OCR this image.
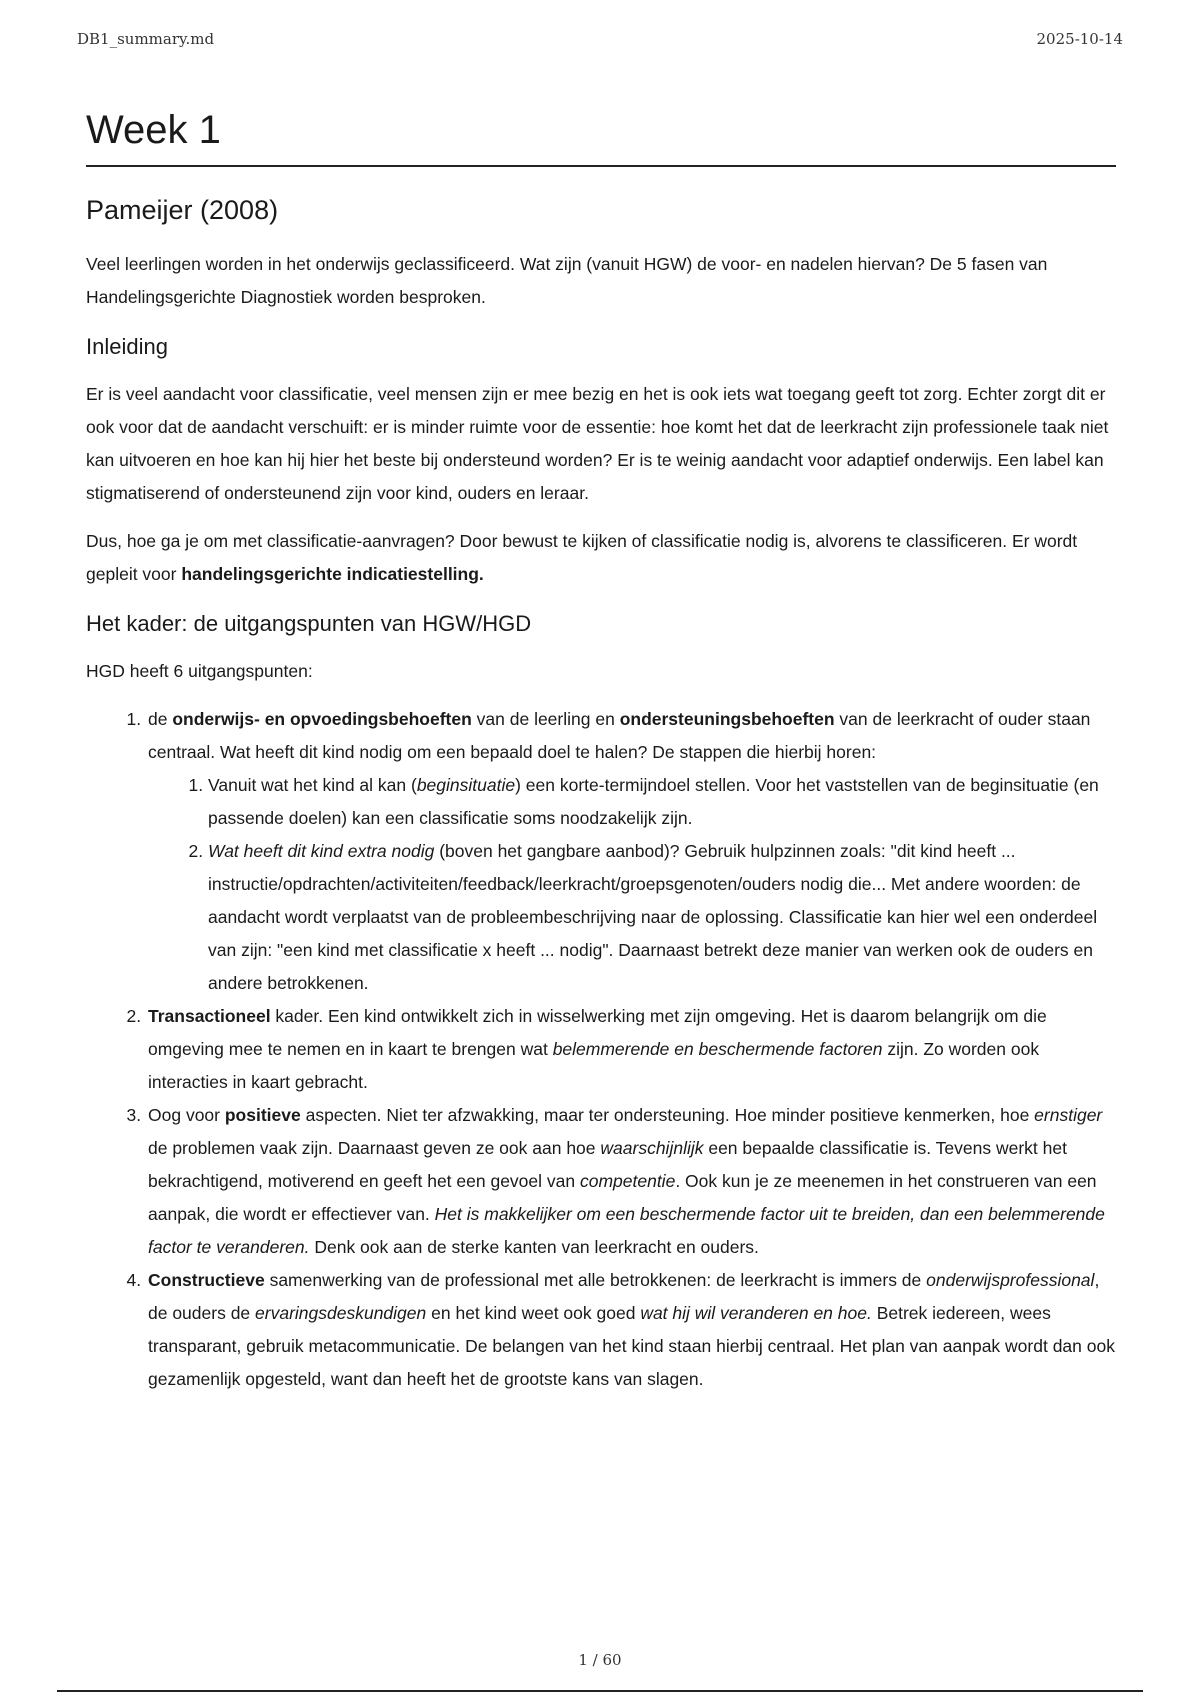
DB1_summary.md	2025-10-14
Week 1
Pameijer (2008)

Veel leerlingen worden in het onderwijs geclassificeerd. Wat zijn (vanuit HGW) de voor- en nadelen hiervan? De 5 fasen van Handelingsgerichte Diagnostiek worden besproken.

Inleiding

Er is veel aandacht voor classificatie, veel mensen zijn er mee bezig en het is ook iets wat toegang geeft tot zorg. Echter zorgt dit er ook voor dat de aandacht verschuift: er is minder ruimte voor de essentie: hoe komt het dat de leerkracht zijn professionele taak niet kan uitvoeren en hoe kan hij hier het beste bij ondersteund worden? Er is te weinig aandacht voor adaptief onderwijs. Een label kan stigmatiserend of ondersteunend zijn voor kind, ouders en leraar.

Dus, hoe ga je om met classificatie-aanvragen? Door bewust te kijken of classificatie nodig is, alvorens te classificeren. Er wordt gepleit voor handelingsgerichte indicatiestelling.

Het kader: de uitgangspunten van HGW/HGD

HGD heeft 6 uitgangspunten:

1. de onderwijs- en opvoedingsbehoeften van de leerling en ondersteuningsbehoeften van de leerkracht of ouder staan centraal. Wat heeft dit kind nodig om een bepaald doel te halen? De stappen die hierbij horen:
1. Vanuit wat het kind al kan (beginsituatie) een korte-termijndoel stellen. Voor het vaststellen van de beginsituatie (en passende doelen) kan een classificatie soms noodzakelijk zijn.
2. Wat heeft dit kind extra nodig (boven het gangbare aanbod)? Gebruik hulpzinnen zoals: "dit kind heeft ... instructie/opdrachten/activiteiten/feedback/leerkracht/groepsgenoten/ouders nodig die... Met andere woorden: de aandacht wordt verplaatst van de probleembeschrijving naar de oplossing. Classificatie kan hier wel een onderdeel van zijn: "een kind met classificatie x heeft ... nodig". Daarnaast betrekt deze manier van werken ook de ouders en andere betrokkenen.
2. Transactioneel kader. Een kind ontwikkelt zich in wisselwerking met zijn omgeving. Het is daarom belangrijk om die omgeving mee te nemen en in kaart te brengen wat belemmerende en beschermende factoren zijn. Zo worden ook interacties in kaart gebracht.
3. Oog voor positieve aspecten. Niet ter afzwakking, maar ter ondersteuning. Hoe minder positieve kenmerken, hoe ernstiger de problemen vaak zijn. Daarnaast geven ze ook aan hoe waarschijnlijk een bepaalde classificatie is. Tevens werkt het bekrachtigend, motiverend en geeft het een gevoel van competentie. Ook kun je ze meenemen in het construeren van een aanpak, die wordt er effectiever van. Het is makkelijker om een beschermende factor uit te breiden, dan een belemmerende factor te veranderen. Denk ook aan de sterke kanten van leerkracht en ouders.
4. Constructieve samenwerking van de professional met alle betrokkenen: de leerkracht is immers de onderwijsprofessional, de ouders de ervaringsdeskundigen en het kind weet ook goed wat hij wil veranderen en hoe. Betrek iedereen, wees transparant, gebruik metacommunicatie. De belangen van het kind staan hierbij centraal. Het plan van aanpak wordt dan ook gezamenlijk opgesteld, want dan heeft het de grootste kans van slagen.
1 / 60
